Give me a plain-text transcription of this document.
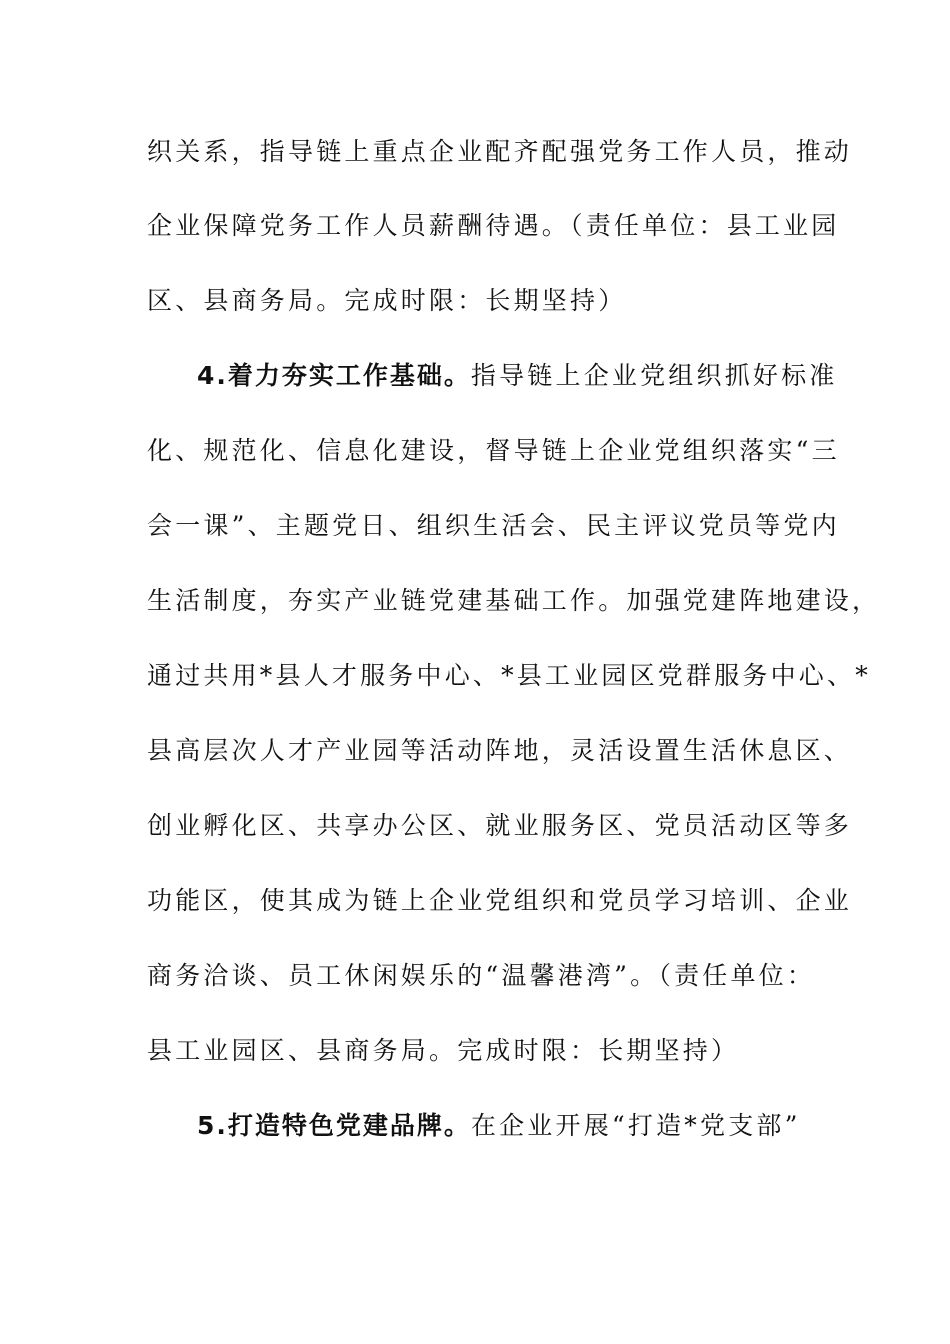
织关系，指导链上重点企业配齐配强党务工作人员，推动
企业保障党务工作人员薪酬待遇。（责任单位：县工业园
区、县商务局。完成时限：长期坚持）
4.着力夯实工作基础。指导链上企业党组织抓好标准
化、规范化、信息化建设，督导链上企业党组织落实“三
会一课”、主题党日、组织生活会、民主评议党员等党内
生活制度，夯实产业链党建基础工作。加强党建阵地建设，
通过共用*县人才服务中心、*县工业园区党群服务中心、*
县高层次人才产业园等活动阵地，灵活设置生活休息区、
创业孵化区、共享办公区、就业服务区、党员活动区等多
功能区，使其成为链上企业党组织和党员学习培训、企业
商务洽谈、员工休闲娱乐的“温馨港湾”。（责任单位：
县工业园区、县商务局。完成时限：长期坚持）
5.打造特色党建品牌。在企业开展“打造*党支部”
